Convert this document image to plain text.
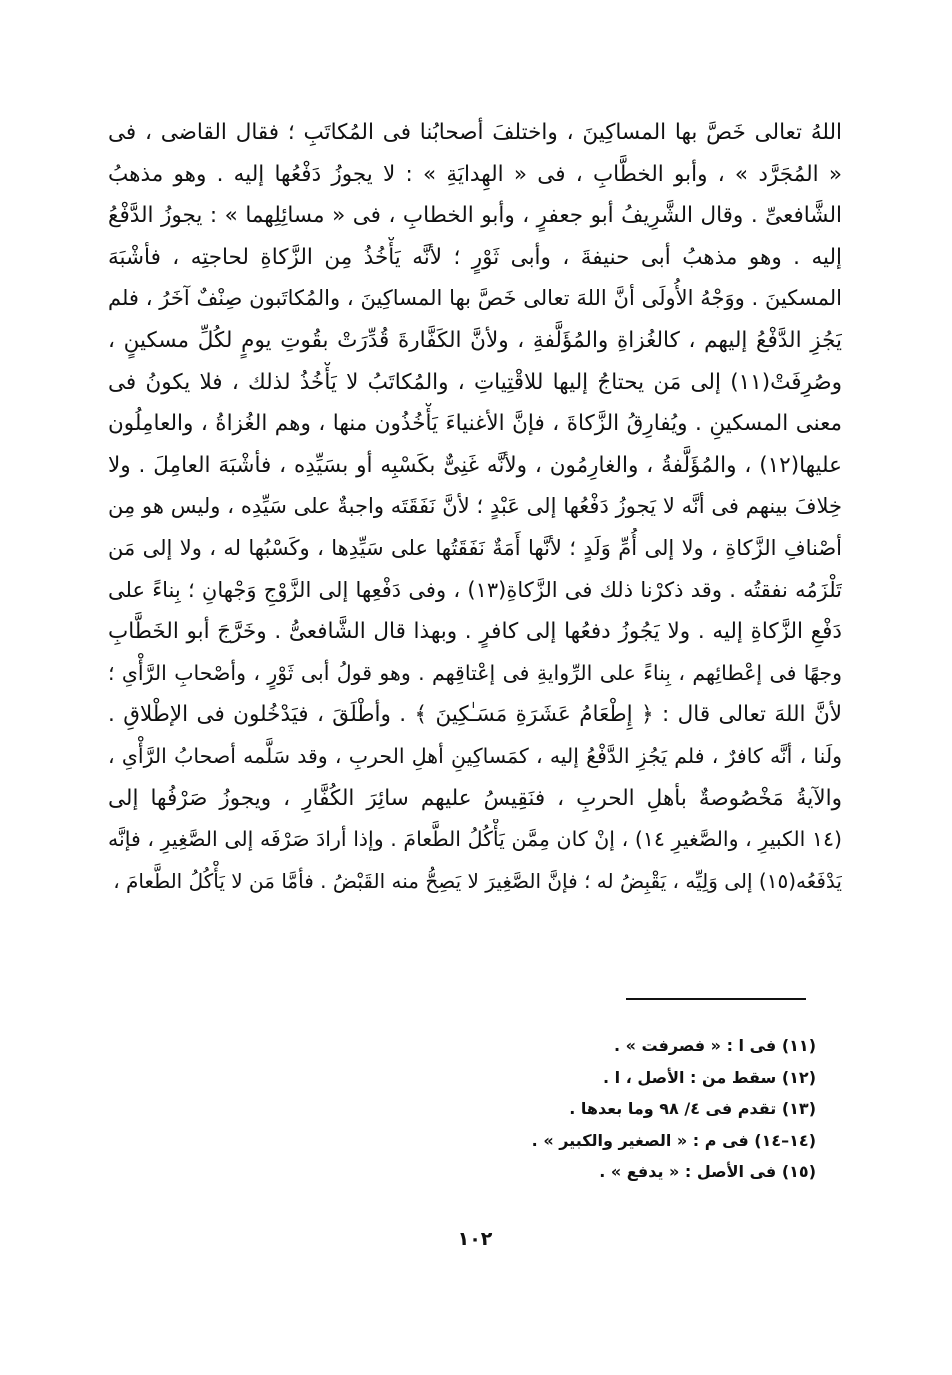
اللهُ تعالى خَصَّ بها المساكِينَ ، واختلفَ أصحابُنا فى المُكاتَبِ ؛ فقال القاضى ، فى
« المُجَرَّد » ، وأبو الخطَّابِ ، فى « الهِدايَةِ » : لا يجوزُ دَفْعُها إليه . وهو مذهبُ
الشَّافعىِّ . وقال الشَّرِيفُ أبو جعفرٍ ، وأبو الخطابِ ، فى « مسائِلِهما » : يجوزُ الدَّفْعُ
إليه . وهو مذهبُ أبى حنيفةَ ، وأبى ثَوْرٍ ؛ لأنَّه يَأْخُذُ مِن الزَّكاةِ لحاجتِه ، فأشْبَهَ
المسكينَ . ووَجْهُ الأُولَى أنَّ اللهَ تعالى خَصَّ بها المساكِينَ ، والمُكاتَبون صِنْفٌ آخَرُ ، فلم
يَجُزِ الدَّفْعُ إليهم ، كالغُزاةِ والمُؤَلَّفةِ ، ولأنَّ الكَفَّارةَ قُدِّرَتْ بقُوتِ يومٍ لكُلِّ مسكينٍ ،
وصُرِفَتْ(١١) إلى مَن يحتاجُ إليها للاقْتِياتِ ، والمُكاتَبُ لا يَأْخُذُ لذلك ، فلا يكونُ فى
معنى المسكينِ . ويُفارِقُ الزَّكاةَ ، فإنَّ الأغنياءَ يَأْخُذُون منها ، وهم الغُزاةُ ، والعامِلُون
عليها(١٢) ، والمُؤَلَّفةُ ، والغارِمُون ، ولأنَّه غَنِىٌّ بكَسْبِه أو بسَيِّدِه ، فأشْبَهَ العامِلَ . ولا
خِلافَ بينهم فى أنَّه لا يَجوزُ دَفْعُها إلى عَبْدٍ ؛ لأنَّ نَفَقَتَه واجبةٌ على سَيِّدِه ، وليس هو مِن
أصْنافِ الزَّكاةِ ، ولا إلى أُمِّ وَلَدٍ ؛ لأنَّها أَمَةٌ نَفَقَتُها على سَيِّدِها ، وكَسْبُها له ، ولا إلى مَن
تَلْزَمُه نفقتُه . وقد ذكرْنا ذلك فى الزَّكاةِ(١٣) ، وفى دَفْعِها إلى الزَّوْجِ وَجْهانِ ؛ بِناءً على
دَفْعِ الزَّكاةِ إليه . ولا يَجُوزُ دفعُها إلى كافرٍ . وبهذا قال الشَّافعىُّ . وخَرَّجَ أبو الخَطَّابِ
وجهًا فى إعْطائِهم ، بِناءً على الرِّوايةِ فى إعْتاقِهم . وهو قولُ أبى ثَوْرٍ ، وأصْحابِ الرَّأْىِ ؛
لأنَّ اللهَ تعالى قال : ﴿ إِطْعَامُ عَشَرَةِ مَسَـٰكِينَ ﴾ . وأطْلَقَ ، فيَدْخُلون فى الإطْلاقِ .
ولَنا ، أنَّه كافرٌ ، فلم يَجُزِ الدَّفْعُ إليه ، كمَساكِينِ أهلِ الحربِ ، وقد سَلَّمه أصحابُ الرَّأْىِ ،
والآيةُ مَخْصُوصةٌ بأهلِ الحربِ ، فنَقِيسُ عليهم سائِرَ الكُفَّارِ ، ويجوزُ صَرْفُها إلى
(١٤ الكبيرِ ، والصَّغيرِ ١٤) ، إنْ كان مِمَّن يَأْكُلُ الطَّعامَ . وإذا أرادَ صَرْفَه إلى الصَّغِيرِ ، فإنَّه
يَدْفَعُه(١٥) إلى وَلِيِّه ، يَقْبِضُ له ؛ فإنَّ الصَّغِيرَ لا يَصِحُّ منه القَبْضُ . فأمَّا مَن لا يَأْكُلُ الطَّعامَ ،
(١١) فى ا : « فصرفت » .
(١٢) سقط من : الأصل ، ا .
(١٣) تقدم فى ٤/ ٩٨ وما بعدها .
(١٤–١٤) فى م : « الصغير والكبير » .
(١٥) فى الأصل : « يدفع » .
١٠٢
